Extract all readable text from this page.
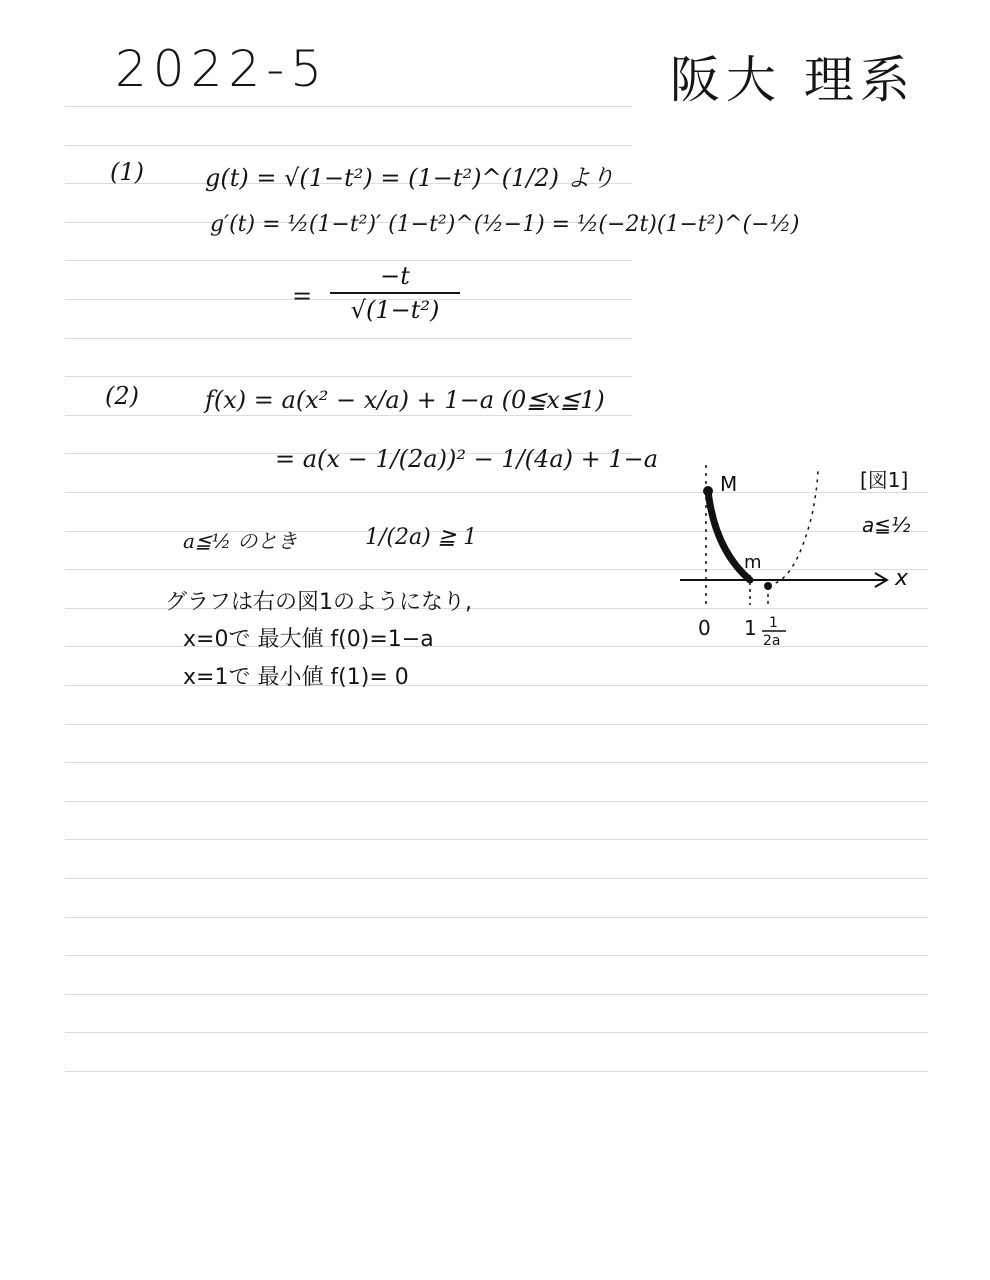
2022-5	阪大 理系
(1)	g(t) = √(1−t²) = (1−t²)^(1/2) より
g′(t) = ½(1−t²)′ (1−t²)^(½−1) = ½(−2t)(1−t²)^(−½)
=
−t
√(1−t²)
(2)	f(x) = a(x² − x/a) + 1−a (0≦x≦1)
= a(x − 1/(2a))² − 1/(4a) + 1−a
a≦½ のとき	1/(2a) ≧ 1
グラフは右の図1のようになり,
x=0で 最大値 f(0)=1−a
x=1で 最小値 f(1)= 0
M
m
x
0 1 1
2a
[図1]
a≦½
